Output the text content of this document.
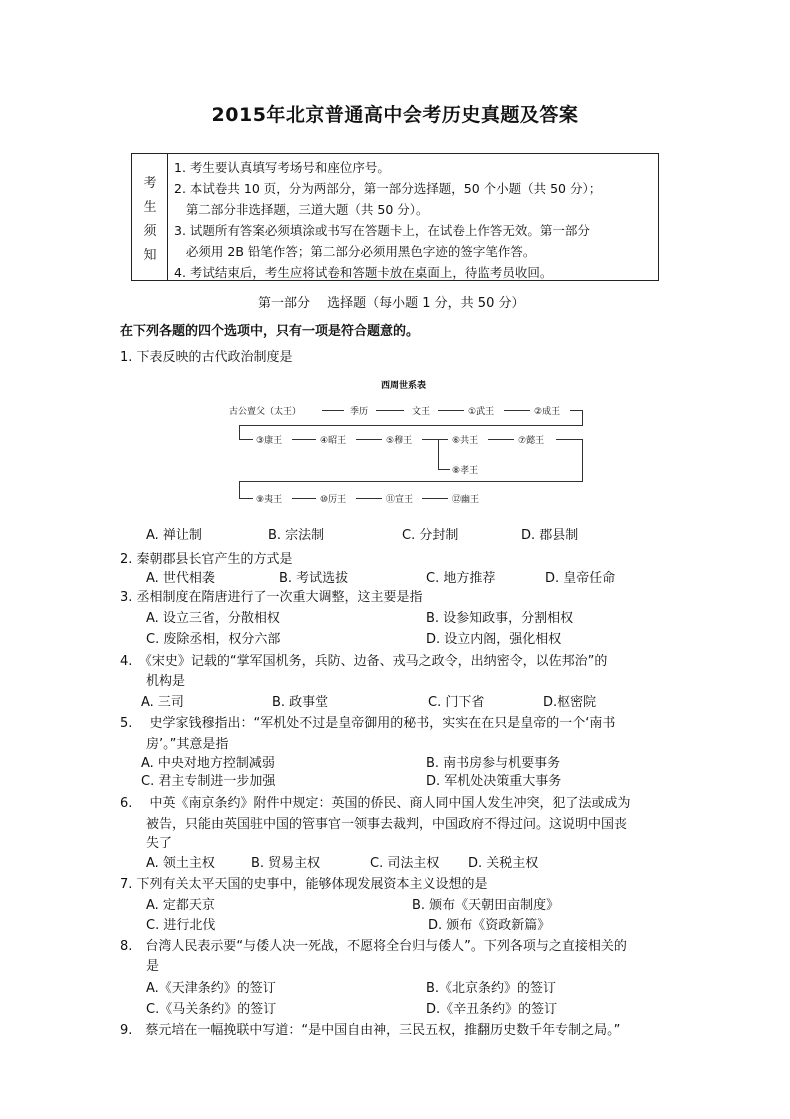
2015年北京普通高中会考历史真题及答案
考
生
须
知
1. 考生要认真填写考场号和座位序号。
2. 本试卷共 10 页，分为两部分，第一部分选择题，50 个小题（共 50 分）；
第二部分非选择题，三道大题（共 50 分）。
3. 试题所有答案必须填涂或书写在答题卡上，在试卷上作答无效。第一部分
必须用 2B 铅笔作答；第二部分必须用黑色字迹的签字笔作答。
4. 考试结束后，考生应将试卷和答题卡放在桌面上，待监考员收回。
第一部分　 选择题（每小题 1 分，共 50 分）
在下列各题的四个选项中，只有一项是符合题意的。
1. 下表反映的古代政治制度是
西周世系表
古公亶父（太王）	季历	文王	①武王	②成王
③康王	④昭王	⑤穆王	⑥共王	⑦懿王
⑧孝王
⑨夷王	⑩厉王	⑪宣王	⑫幽王
A. 禅让制	B. 宗法制	C. 分封制	D. 郡县制
2. 秦朝郡县长官产生的方式是
A. 世代相袭	B. 考试选拔	C. 地方推荐	D. 皇帝任命
3. 丞相制度在隋唐进行了一次重大调整，这主要是指
A. 设立三省，分散相权	B. 设参知政事，分割相权
C. 废除丞相，权分六部	D. 设立内阁，强化相权
4.　《宋史》记载的“掌军国机务，兵防、边备、戎马之政令，出纳密令，以佐邦治”的
机构是
A. 三司	B. 政事堂	C. 门下省	D.枢密院
5.　 史学家钱穆指出：“军机处不过是皇帝御用的秘书，实实在在只是皇帝的一个‘南书
房’。”其意是指
A. 中央对地方控制减弱	B. 南书房参与机要事务
C. 君主专制进一步加强	D. 军机处决策重大事务
6.　 中英《南京条约》附件中规定：英国的侨民、商人同中国人发生冲突，犯了法或成为
被告，只能由英国驻中国的管事官一领事去裁判，中国政府不得过问。这说明中国丧
失了
A. 领土主权	B. 贸易主权	C. 司法主权 D. 关税主权
7. 下列有关太平天国的史事中，能够体现发展资本主义设想的是
A. 定都天京	B. 颁布《天朝田亩制度》
C. 进行北伐	D. 颁布《资政新篇》
8.　台湾人民表示要“与倭人决一死战，不愿将全台归与倭人”。下列各项与之直接相关的
是
A.《天津条约》的签订	B.《北京条约》的签订
C.《马关条约》的签订	D.《辛丑条约》的签订
9.　蔡元培在一幅挽联中写道：“是中国自由神，三民五权，推翻历史数千年专制之局。”
